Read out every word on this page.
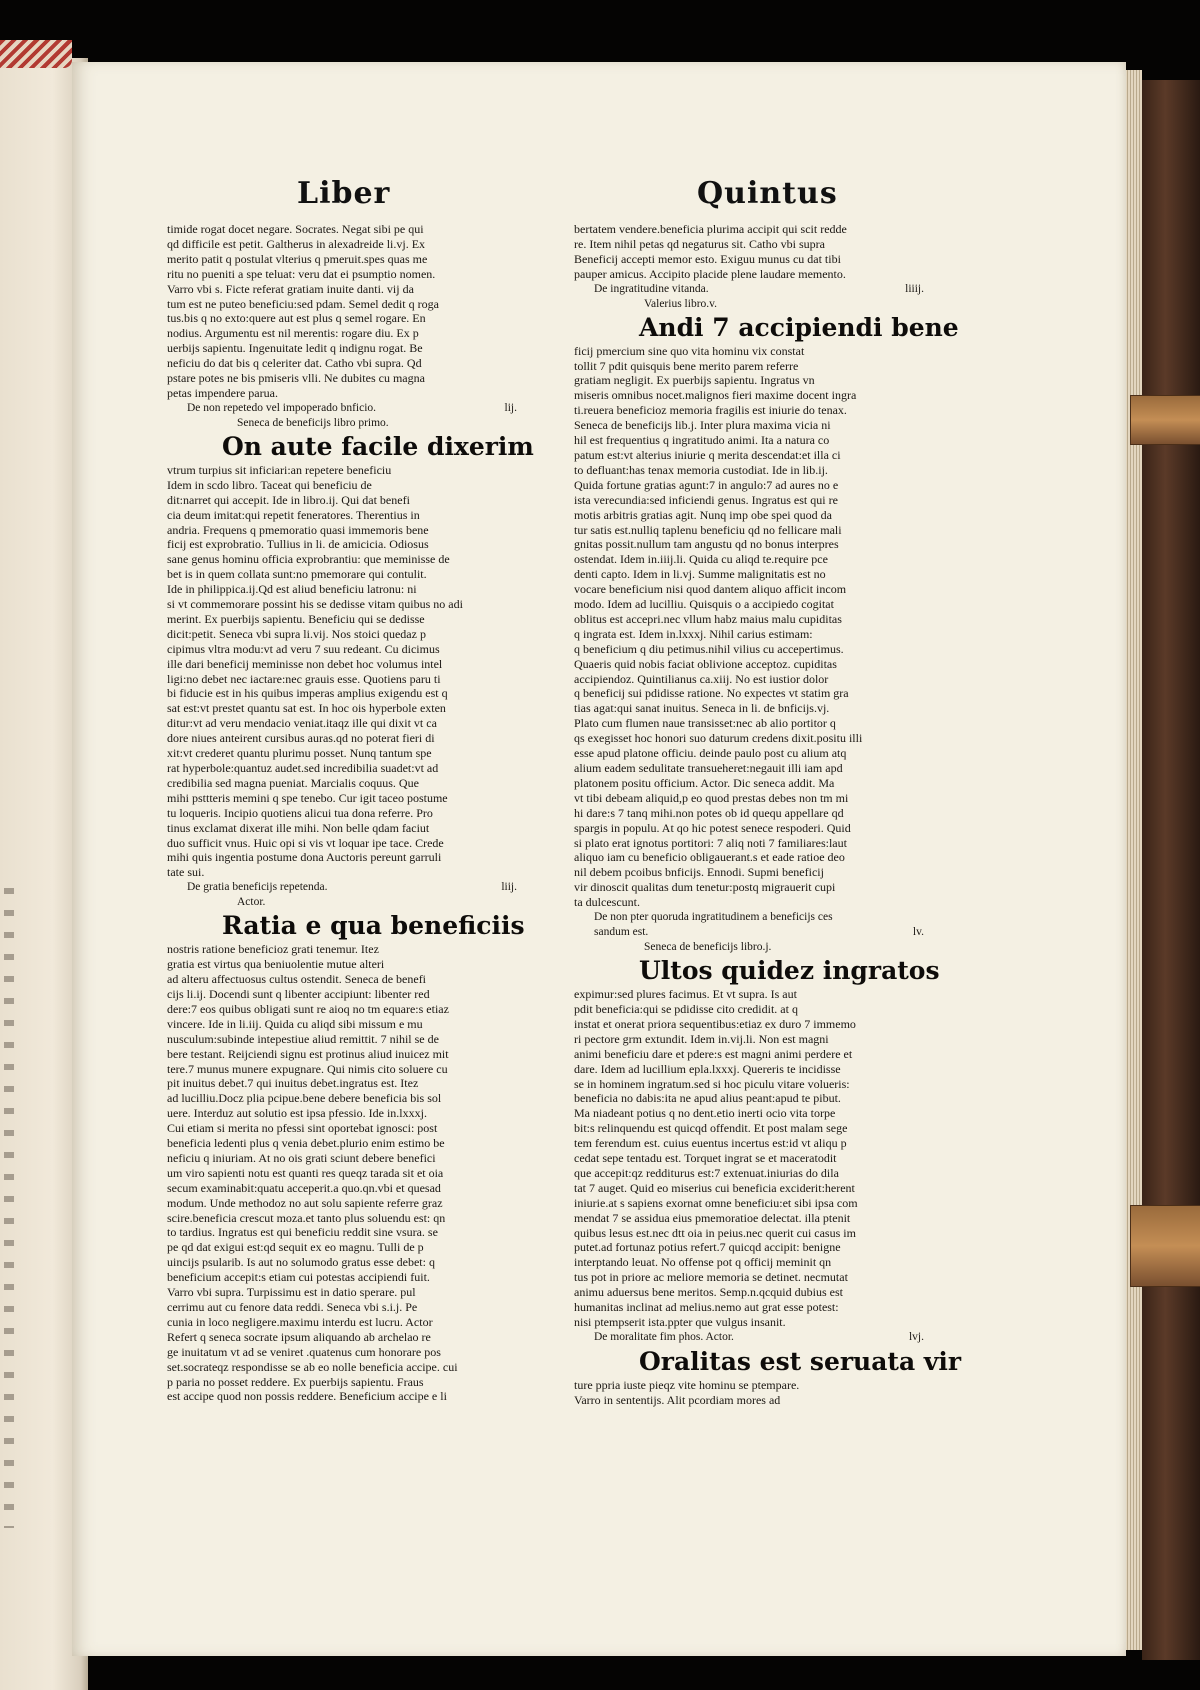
Liber	Quintus
timide rogat docet negare. Socrates. Negat sibi pe qui
qd difficile est petit. Galtherus in alexadreide li.vj. Ex
merito patit q postulat vlterius q pmeruit.spes quas me
ritu no pueniti a spe teluat: veru dat ei psumptio nomen.
Varro vbi s. Ficte referat gratiam inuite danti. vij da
tum est ne puteo beneficiu:sed pdam. Semel dedit q roga
tus.bis q no exto:quere aut est plus q semel rogare. En
nodius. Argumentu est nil merentis: rogare diu. Ex p
uerbijs sapientu. Ingenuitate ledit q indignu rogat. Be
neficiu do dat bis q celeriter dat. Catho vbi supra. Qd
pstare potes ne bis pmiseris vlli. Ne dubites cu magna
petas impendere parua.
De non repetedo vel impoperado bnficio.	lij.
Seneca de beneficijs libro primo.
On aute facile dixerim
vtrum turpius sit inficiari:an repetere beneficiu
Idem in scdo libro. Taceat qui beneficiu de
dit:narret qui accepit. Ide in libro.ij. Qui dat benefi
cia deum imitat:qui repetit feneratores. Therentius in
andria. Frequens q pmemoratio quasi immemoris bene
ficij est exprobratio. Tullius in li. de amicicia. Odiosus
sane genus hominu officia exprobrantiu: que meminisse de
bet is in quem collata sunt:no pmemorare qui contulit.
Ide in philippica.ij.Qd est aliud beneficiu latronu: ni
si vt commemorare possint his se dedisse vitam quibus no adi
merint. Ex puerbijs sapientu. Beneficiu qui se dedisse
dicit:petit. Seneca vbi supra li.vij. Nos stoici quedaz p
cipimus vltra modu:vt ad veru 7 suu redeant. Cu dicimus
ille dari beneficij meminisse non debet hoc volumus intel
ligi:no debet nec iactare:nec grauis esse. Quotiens paru ti
bi fiducie est in his quibus imperas amplius exigendu est q
sat est:vt prestet quantu sat est. In hoc ois hyperbole exten
ditur:vt ad veru mendacio veniat.itaqz ille qui dixit vt ca
dore niues anteirent cursibus auras.qd no poterat fieri di
xit:vt crederet quantu plurimu posset. Nunq tantum spe
rat hyperbole:quantuz audet.sed incredibilia suadet:vt ad
credibilia sed magna pueniat. Marcialis coquus. Que
mihi psttteris memini q spe tenebo. Cur igit taceo postume
tu loqueris. Incipio quotiens alicui tua dona referre. Pro
tinus exclamat dixerat ille mihi. Non belle qdam faciut
duo sufficit vnus. Huic opi si vis vt loquar ipe tace. Crede
mihi quis ingentia postume dona Auctoris pereunt garruli
tate sui.
De gratia beneficijs repetenda.	liij.
Actor.
Ratia e qua beneficiis
nostris ratione beneficioz grati tenemur. Itez
gratia est virtus qua beniuolentie mutue alteri
ad alteru affectuosus cultus ostendit. Seneca de benefi
cijs li.ij. Docendi sunt q libenter accipiunt: libenter red
dere:7 eos quibus obligati sunt re aioq no tm equare:s etiaz
vincere. Ide in li.iij. Quida cu aliqd sibi missum e mu
nusculum:subinde intepestiue aliud remittit. 7 nihil se de
bere testant. Reijciendi signu est protinus aliud inuicez mit
tere.7 munus munere expugnare. Qui nimis cito soluere cu
pit inuitus debet.7 qui inuitus debet.ingratus est. Itez
ad lucilliu.Docz plia pcipue.bene debere beneficia bis sol
uere. Interduz aut solutio est ipsa pfessio. Ide in.lxxxj.
Cui etiam si merita no pfessi sint oportebat ignosci: post
beneficia ledenti plus q venia debet.plurio enim estimo be
neficiu q iniuriam. At no ois grati sciunt debere benefici
um viro sapienti notu est quanti res queqz tarada sit et oia
secum examinabit:quatu acceperit.a quo.qn.vbi et quesad
modum. Unde methodoz no aut solu sapiente referre graz
scire.beneficia crescut moza.et tanto plus soluendu est: qn
to tardius. Ingratus est qui beneficiu reddit sine vsura. se
pe qd dat exigui est:qd sequit ex eo magnu. Tulli de p
uincijs psularib. Is aut no solumodo gratus esse debet: q
beneficium accepit:s etiam cui potestas accipiendi fuit.
Varro vbi supra. Turpissimu est in datio sperare. pul
cerrimu aut cu fenore data reddi. Seneca vbi s.i.j. Pe
cunia in loco negligere.maximu interdu est lucru. Actor
Refert q seneca socrate ipsum aliquando ab archelao re
ge inuitatum vt ad se veniret .quatenus cum honorare pos
set.socrateqz respondisse se ab eo nolle beneficia accipe. cui
p paria no posset reddere. Ex puerbijs sapientu. Fraus
est accipe quod non possis reddere. Beneficium accipe e li
bertatem vendere.beneficia plurima accipit qui scit redde
re. Item nihil petas qd negaturus sit. Catho vbi supra
Beneficij accepti memor esto. Exiguu munus cu dat tibi
pauper amicus. Accipito placide plene laudare memento.
De ingratitudine vitanda.	liiij.
Valerius libro.v.
Andi 7 accipiendi bene
ficij pmercium sine quo vita hominu vix constat
tollit 7 pdit quisquis bene merito parem referre
gratiam negligit. Ex puerbijs sapientu. Ingratus vn
miseris omnibus nocet.malignos fieri maxime docent ingra
ti.reuera beneficioz memoria fragilis est iniurie do tenax.
Seneca de beneficijs lib.j. Inter plura maxima vicia ni
hil est frequentius q ingratitudo animi. Ita a natura co
patum est:vt alterius iniurie q merita descendat:et illa ci
to defluant:has tenax memoria custodiat. Ide in lib.ij.
Quida fortune gratias agunt:7 in angulo:7 ad aures no e
ista verecundia:sed inficiendi genus. Ingratus est qui re
motis arbitris gratias agit. Nunq imp obe spei quod da
tur satis est.nulliq taplenu beneficiu qd no fellicare mali
gnitas possit.nullum tam angustu qd no bonus interpres
ostendat. Idem in.iiij.li. Quida cu aliqd te.require pce
denti capto. Idem in li.vj. Summe malignitatis est no
vocare beneficium nisi quod dantem aliquo afficit incom
modo. Idem ad lucilliu. Quisquis o a accipiedo cogitat
oblitus est accepri.nec vllum habz maius malu cupiditas
q ingrata est. Idem in.lxxxj. Nihil carius estimam:
q beneficium q diu petimus.nihil vilius cu accepertimus.
Quaeris quid nobis faciat oblivione acceptoz. cupiditas
accipiendoz. Quintilianus ca.xiij. No est iustior dolor
q beneficij sui pdidisse ratione. No expectes vt statim gra
tias agat:qui sanat inuitus. Seneca in li. de bnficijs.vj.
Plato cum flumen naue transisset:nec ab alio portitor q
qs exegisset hoc honori suo daturum credens dixit.positu illi
esse apud platone officiu. deinde paulo post cu alium atq
alium eadem sedulitate transueheret:negauit illi iam apd
platonem positu officium. Actor. Dic seneca addit. Ma
vt tibi debeam aliquid,p eo quod prestas debes non tm mi
hi dare:s 7 tanq mihi.non potes ob id quequ appellare qd
spargis in populu. At qo hic potest senece respoderi. Quid
si plato erat ignotus portitori: 7 aliq noti 7 familiares:laut
aliquo iam cu beneficio obligauerant.s et eade ratioe deo
nil debem pcoibus bnficijs. Ennodi. Supmi beneficij
vir dinoscit qualitas dum tenetur:postq migrauerit cupi
ta dulcescunt.
De non pter quoruda ingratitudinem a beneficijs ces
sandum est.	lv.
Seneca de beneficijs libro.j.
Ultos quidez ingratos
expimur:sed plures facimus. Et vt supra. Is aut
pdit beneficia:qui se pdidisse cito credidit. at q
instat et onerat priora sequentibus:etiaz ex duro 7 immemo
ri pectore grm extundit. Idem in.vij.li. Non est magni
animi beneficiu dare et pdere:s est magni animi perdere et
dare. Idem ad lucillium epla.lxxxj. Quereris te incidisse
se in hominem ingratum.sed si hoc piculu vitare volueris:
beneficia no dabis:ita ne apud alius peant:apud te pibut.
Ma niadeant potius q no dent.etio inerti ocio vita torpe
bit:s relinquendu est quicqd offendit. Et post malam sege
tem ferendum est. cuius euentus incertus est:id vt aliqu p
cedat sepe tentadu est. Torquet ingrat se et maceratodit
que accepit:qz redditurus est:7 extenuat.iniurias do dila
tat 7 auget. Quid eo miserius cui beneficia exciderit:herent
iniurie.at s sapiens exornat omne beneficiu:et sibi ipsa com
mendat 7 se assidua eius pmemoratioe delectat. illa ptenit
quibus lesus est.nec dtt oia in peius.nec querit cui casus im
putet.ad fortunaz potius refert.7 quicqd accipit: benigne
interptando leuat. No offense pot q officij meminit qn
tus pot in priore ac meliore memoria se detinet. necmutat
animu aduersus bene meritos. Semp.n.qcquid dubius est
humanitas inclinat ad melius.nemo aut grat esse potest:
nisi ptempserit ista.ppter que vulgus insanit.
De moralitate fim phos. Actor.	lvj.
Oralitas est seruata vir
ture ppria iuste pieqz vite hominu se ptempare.
Varro in sententijs. Alit pcordiam mores ad
